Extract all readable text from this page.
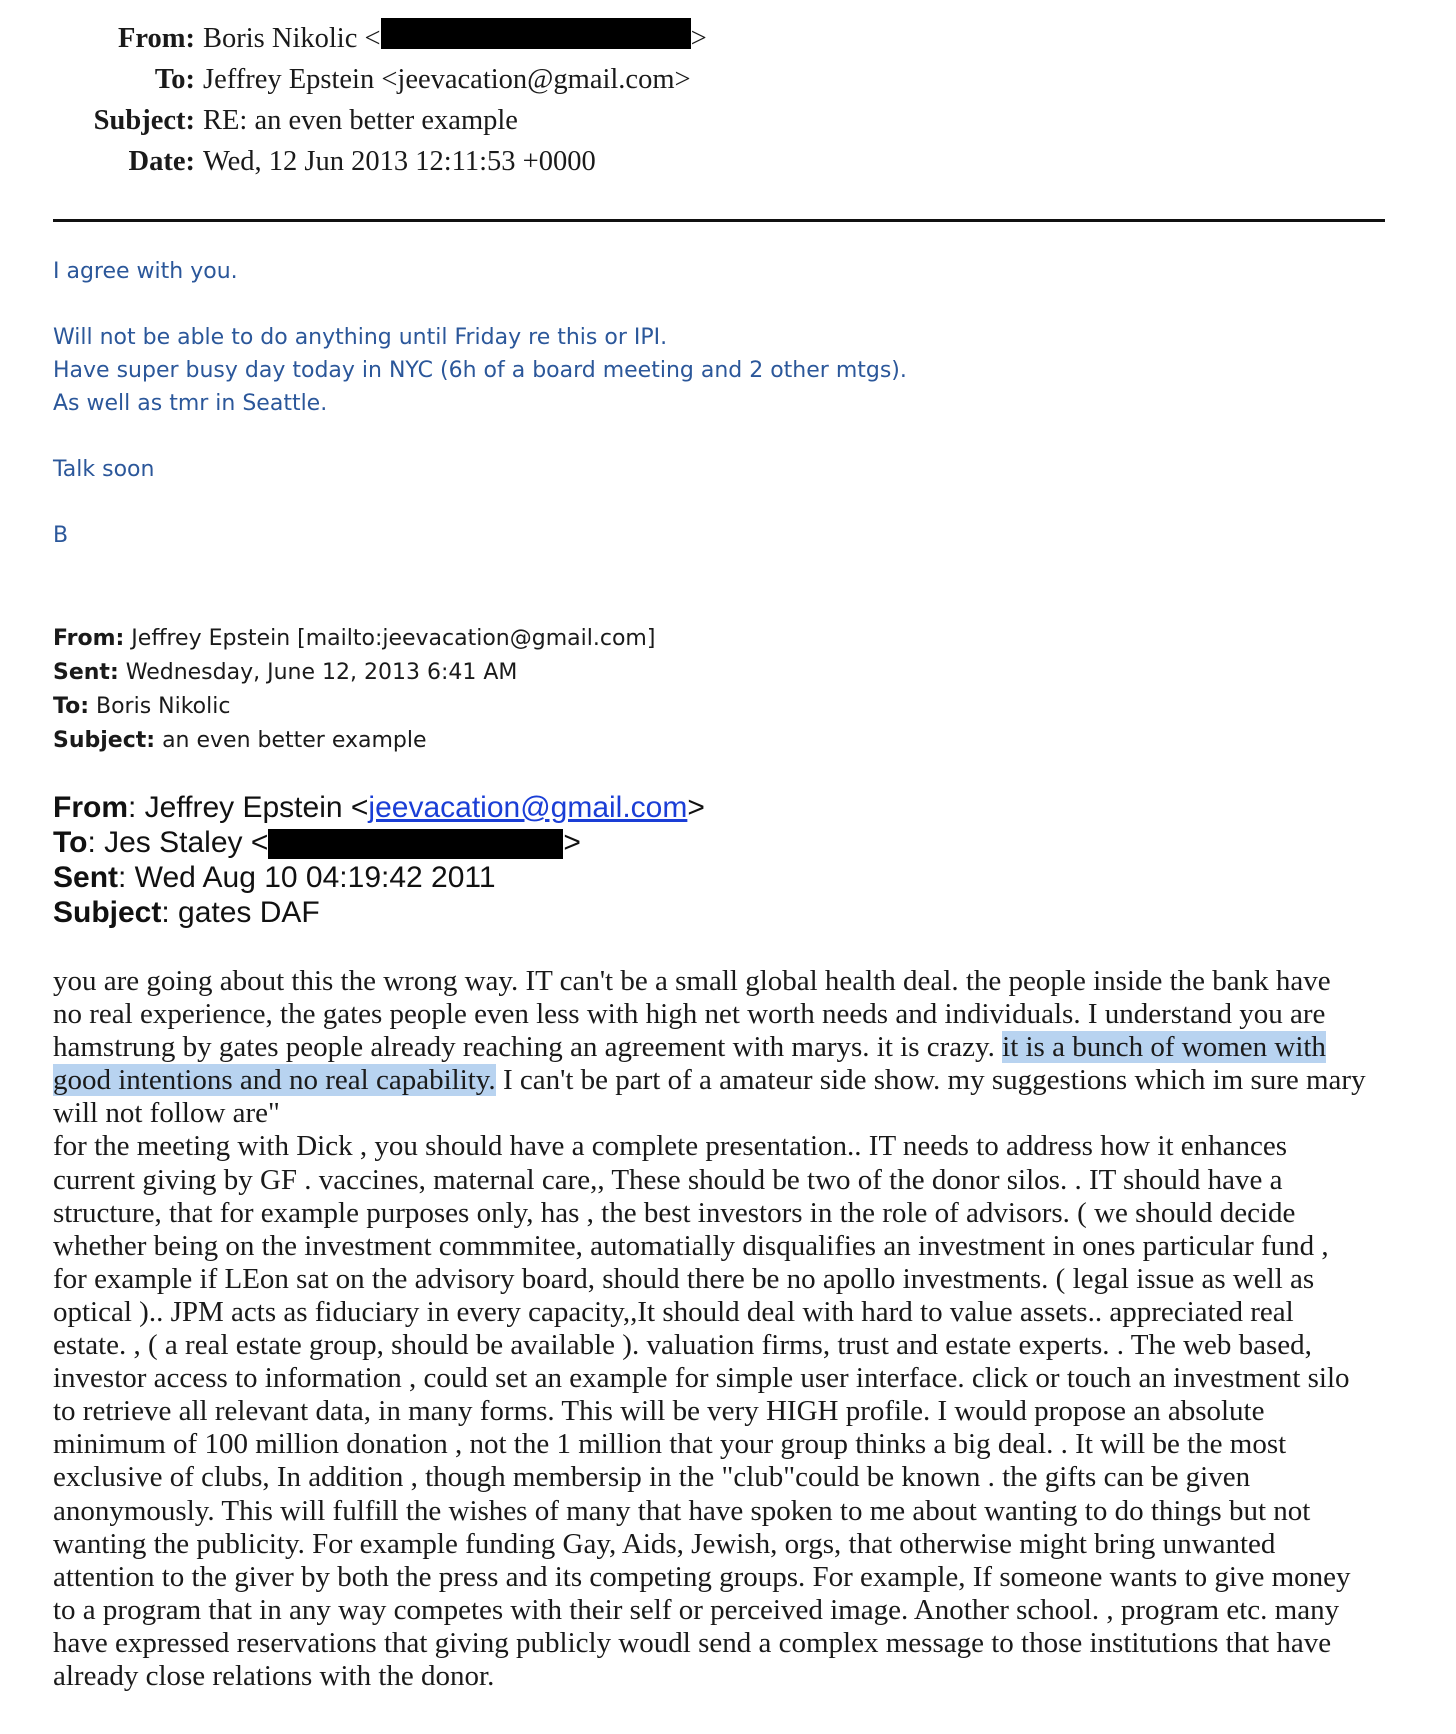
From: Boris Nikolic <	>
To: Jeffrey Epstein <jeevacation@gmail.com>
Subject: RE: an even better example
Date: Wed, 12 Jun 2013 12:11:53 +0000

I agree with you.

Will not be able to do anything until Friday re this or IPI.

Have super busy day today in NYC (6h of a board meeting and 2 other mtgs).

As well as tmr in Seattle.

Talk soon

B

From: Jeffrey Epstein [mailto:jeevacation@gmail.com]

Sent: Wednesday, June 12, 2013 6:41 AM

To: Boris Nikolic

Subject: an even better example

From: Jeffrey Epstein <jeevacation@gmail.com>

To: Jes Staley <	>

Sent: Wed Aug 10 04:19:42 2011

Subject: gates DAF

you are going about this the wrong way. IT can't be a small global health deal. the people inside the bank have

no real experience, the gates people even less with high net worth needs and individuals. I understand you are

hamstrung by gates people already reaching an agreement with marys. it is crazy. it is a bunch of women with

good intentions and no real capability. I can't be part of a amateur side show. my suggestions which im sure mary

will not follow are"

for the meeting with Dick , you should have a complete presentation.. IT needs to address how it enhances

current giving by GF . vaccines, maternal care,, These should be two of the donor silos. . IT should have a

structure, that for example purposes only, has , the best investors in the role of advisors. ( we should decide

whether being on the investment commmitee, automatially disqualifies an investment in ones particular fund ,

for example if LEon sat on the advisory board, should there be no apollo investments. ( legal issue as well as

optical ).. JPM acts as fiduciary in every capacity,,It should deal with hard to value assets.. appreciated real

estate. , ( a real estate group, should be available ). valuation firms, trust and estate experts. . The web based,

investor access to information , could set an example for simple user interface. click or touch an investment silo

to retrieve all relevant data, in many forms. This will be very HIGH profile. I would propose an absolute

minimum of 100 million donation , not the 1 million that your group thinks a big deal. . It will be the most

exclusive of clubs, In addition , though membersip in the "club"could be known . the gifts can be given

anonymously. This will fulfill the wishes of many that have spoken to me about wanting to do things but not

wanting the publicity. For example funding Gay, Aids, Jewish, orgs, that otherwise might bring unwanted

attention to the giver by both the press and its competing groups. For example, If someone wants to give money

to a program that in any way competes with their self or perceived image. Another school. , program etc. many

have expressed reservations that giving publicly woudl send a complex message to those institutions that have

already close relations with the donor.
